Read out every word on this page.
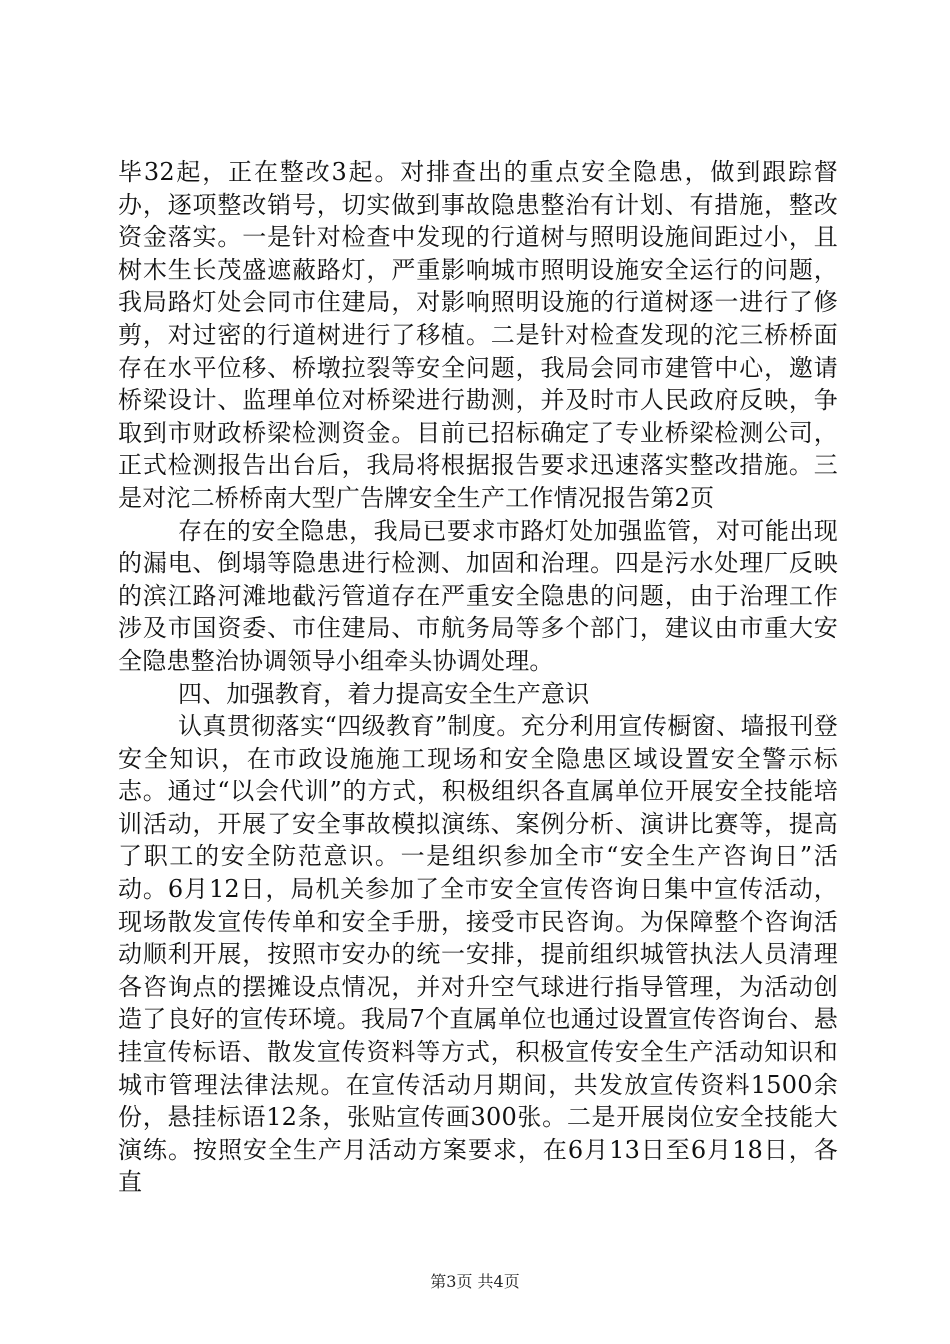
毕32起，正在整改3起。对排查出的重点安全隐患，做到跟踪督办，逐项整改销号，切实做到事故隐患整治有计划、有措施，整改资金落实。一是针对检查中发现的行道树与照明设施间距过小，且树木生长茂盛遮蔽路灯，严重影响城市照明设施安全运行的问题，我局路灯处会同市住建局，对影响照明设施的行道树逐一进行了修剪，对过密的行道树进行了移植。二是针对检查发现的沱三桥桥面存在水平位移、桥墩拉裂等安全问题，我局会同市建管中心，邀请桥梁设计、监理单位对桥梁进行勘测，并及时市人民政府反映，争取到市财政桥梁检测资金。目前已招标确定了专业桥梁检测公司，正式检测报告出台后，我局将根据报告要求迅速落实整改措施。三是对沱二桥桥南大型广告牌安全生产工作情况报告第2页

存在的安全隐患，我局已要求市路灯处加强监管，对可能出现的漏电、倒塌等隐患进行检测、加固和治理。四是污水处理厂反映的滨江路河滩地截污管道存在严重安全隐患的问题，由于治理工作涉及市国资委、市住建局、市航务局等多个部门，建议由市重大安全隐患整治协调领导小组牵头协调处理。

四、加强教育，着力提高安全生产意识

认真贯彻落实“四级教育”制度。充分利用宣传橱窗、墙报刊登安全知识，在市政设施施工现场和安全隐患区域设置安全警示标志。通过“以会代训”的方式，积极组织各直属单位开展安全技能培训活动，开展了安全事故模拟演练、案例分析、演讲比赛等，提高了职工的安全防范意识。一是组织参加全市“安全生产咨询日”活动。6月12日，局机关参加了全市安全宣传咨询日集中宣传活动，现场散发宣传传单和安全手册，接受市民咨询。为保障整个咨询活动顺利开展，按照市安办的统一安排，提前组织城管执法人员清理各咨询点的摆摊设点情况，并对升空气球进行指导管理，为活动创造了良好的宣传环境。我局7个直属单位也通过设置宣传咨询台、悬挂宣传标语、散发宣传资料等方式，积极宣传安全生产活动知识和城市管理法律法规。在宣传活动月期间，共发放宣传资料1500余份，悬挂标语12条，张贴宣传画300张。二是开展岗位安全技能大演练。按照安全生产月活动方案要求，在6月13日至6月18日，各直

第3页 共4页
